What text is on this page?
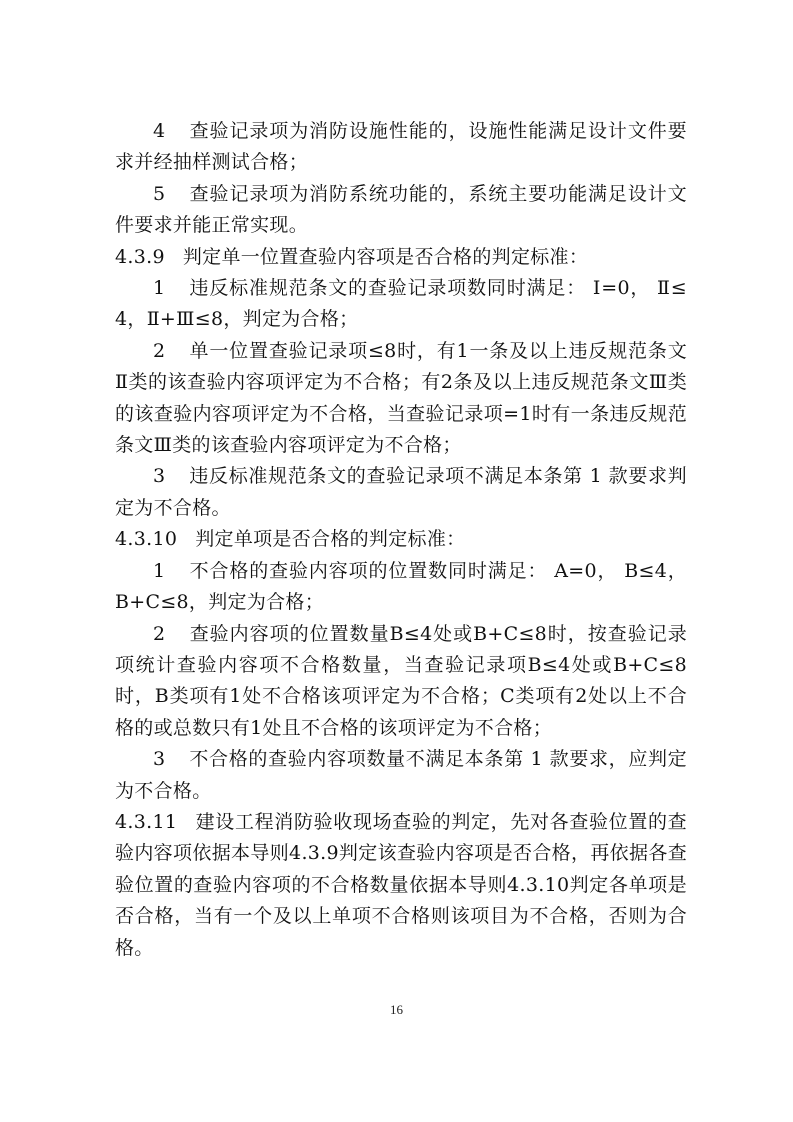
4 查验记录项为消防设施性能的，设施性能满足设计文件要求并经抽样测试合格；

5 查验记录项为消防系统功能的，系统主要功能满足设计文件要求并能正常实现。

4.3.9 判定单一位置查验内容项是否合格的判定标准：

1 违反标准规范条文的查验记录项数同时满足： Ⅰ=0， Ⅱ≤4，Ⅱ+Ⅲ≤8，判定为合格；

2 单一位置查验记录项≤8时，有1一条及以上违反规范条文Ⅱ类的该查验内容项评定为不合格；有2条及以上违反规范条文Ⅲ类的该查验内容项评定为不合格，当查验记录项=1时有一条违反规范条文Ⅲ类的该查验内容项评定为不合格；

3 违反标准规范条文的查验记录项不满足本条第 1 款要求判定为不合格。

4.3.10 判定单项是否合格的判定标准：

1 不合格的查验内容项的位置数同时满足： A=0， B≤4，B+C≤8，判定为合格；

2 查验内容项的位置数量B≤4处或B+C≤8时，按查验记录项统计查验内容项不合格数量，当查验记录项B≤4处或B+C≤8时，B类项有1处不合格该项评定为不合格；C类项有2处以上不合格的或总数只有1处且不合格的该项评定为不合格；

3 不合格的查验内容项数量不满足本条第 1 款要求，应判定为不合格。

4.3.11 建设工程消防验收现场查验的判定，先对各查验位置的查验内容项依据本导则4.3.9判定该查验内容项是否合格，再依据各查验位置的查验内容项的不合格数量依据本导则4.3.10判定各单项是否合格，当有一个及以上单项不合格则该项目为不合格，否则为合格。

16
